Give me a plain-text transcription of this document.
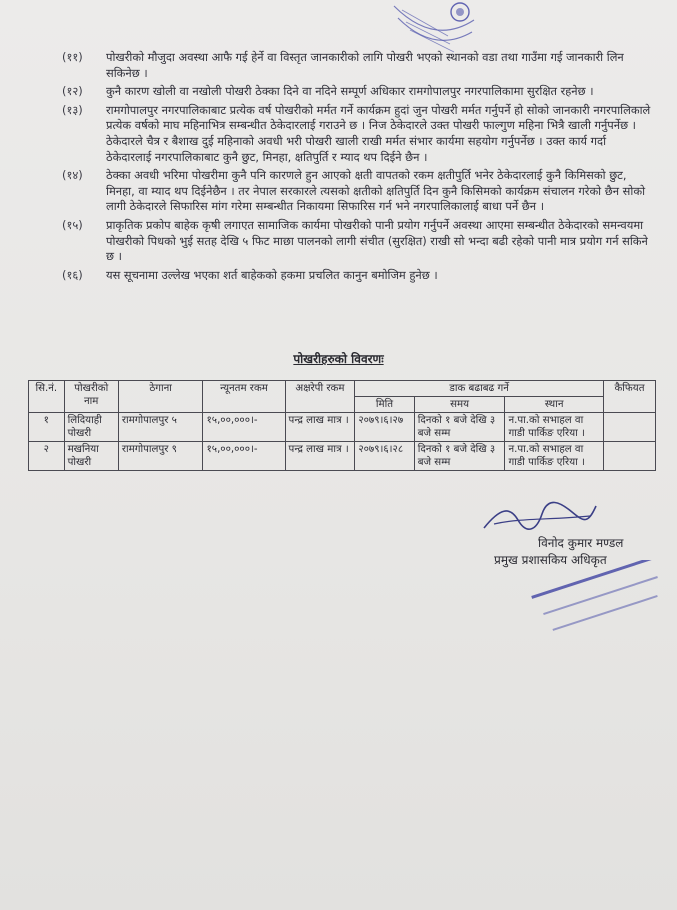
(११)	पोखरीको मौजुदा अवस्था आफै गई हेर्ने वा विस्तृत जानकारीको लागि पोखरी भएको स्थानको वडा तथा गाउँमा गई जानकारी लिन सकिनेछ ।
(१२)	कुनै कारण खोली वा नखोली पोखरी ठेक्का दिने वा नदिने सम्पूर्ण अधिकार रामगोपालपुर नगरपालिकामा सुरक्षित रहनेछ ।
(१३)	रामगोपालपुर नगरपालिकाबाट प्रत्येक वर्ष पोखरीको मर्मत गर्ने कार्यक्रम हुदां जुन पोखरी मर्मत गर्नुपर्ने हो सोको जानकारी नगरपालिकाले प्रत्येक वर्षको माघ महिनाभित्र सम्बन्धीत ठेकेदारलाई गराउने छ । निज ठेकेदारले उक्त पोखरी फाल्गुण महिना भित्रै खाली गर्नुपर्नेछ । ठेकेदारले चैत्र र बैशाख दुई महिनाको अवधी भरी पोखरी खाली राखी मर्मत संभार कार्यमा सहयोग गर्नुपर्नेछ । उक्त कार्य गर्दा ठेकेदारलाई नगरपालिकाबाट कुनै छुट, मिनहा, क्षतिपुर्ति र म्याद थप दिईने छैन ।
(१४)	ठेक्का अवधी भरिमा पोखरीमा कुनै पनि कारणले हुन आएको क्षती वापतको रकम क्षतीपुर्ति भनेर ठेकेदारलाई कुनै किमिसको छुट, मिनहा, वा म्याद थप दिईनेछैन । तर नेपाल सरकारले त्यसको क्षतीको क्षतिपुर्ति दिन कुनै किसिमको कार्यक्रम संचालन गरेको छैन सोको लागी ठेकेदारले सिफारिस मांग गरेमा सम्बन्धीत निकायमा सिफारिस गर्न भने नगरपालिकालाई बाधा पर्ने छैन ।
(१५)	प्राकृतिक प्रकोप बाहेक कृषी लगाएत सामाजिक कार्यमा पोखरीको पानी प्रयोग गर्नुपर्ने अवस्था आएमा सम्बन्धीत ठेकेदारको समन्वयमा पोखरीको पिधको भुई सतह देखि ५ फिट माछा पालनको लागी संचीत (सुरक्षित) राखी सो भन्दा बढी रहेको पानी मात्र प्रयोग गर्न सकिने छ ।
(१६)	यस सूचनामा उल्लेख भएका शर्त बाहेकको हकमा प्रचलित कानुन बमोजिम हुनेछ ।
पोखरीहरुको विवरणः
सि.नं.	पोखरीको नाम	ठेगाना	न्यूनतम रकम	अक्षरेपी रकम	डाक बढाबढ गर्ने			कैफियत
					मिति	समय	स्थान	
१	लिदियाही पोखरी	रामगोपालपुर ५	१५,००,०००।-	पन्द्र लाख मात्र ।	२०७९।६।२७	दिनको १ बजे देखि ३ बजे सम्म	न.पा.को सभाहल वा गाडी पार्किङ एरिया ।	
२	मखनिया पोखरी	रामगोपालपुर ९	१५,००,०००।-	पन्द्र लाख मात्र ।	२०७९।६।२८	दिनको १ बजे देखि ३ बजे सम्म	न.पा.को सभाहल वा गाडी पार्किङ एरिया ।	
विनोद कुमार मण्डल
प्रमुख प्रशासकिय अधिकृत
